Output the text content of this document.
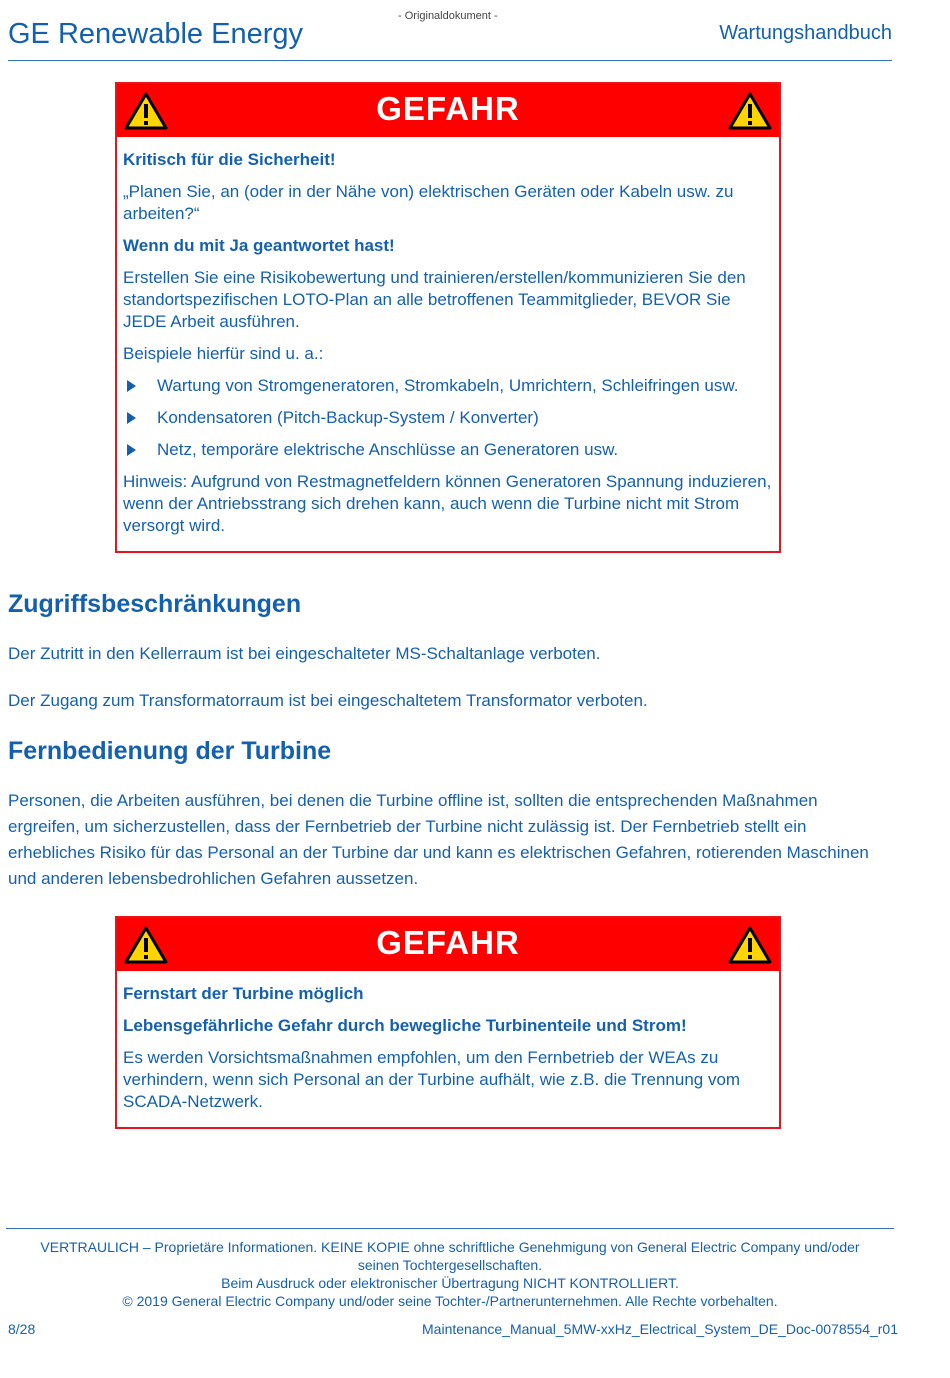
GE Renewable Energy
- Originaldokument -
Wartungshandbuch
GEFAHR

Kritisch für die Sicherheit!

„Planen Sie, an (oder in der Nähe von) elektrischen Geräten oder Kabeln usw. zu arbeiten?“

Wenn du mit Ja geantwortet hast!

Erstellen Sie eine Risikobewertung und trainieren/erstellen/kommunizieren Sie den standortspezifischen LOTO-Plan an alle betroffenen Teammitglieder, BEVOR Sie JEDE Arbeit ausführen.

Beispiele hierfür sind u. a.:

Wartung von Stromgeneratoren, Stromkabeln, Umrichtern, Schleifringen usw.
Kondensatoren (Pitch-Backup-System / Konverter)
Netz, temporäre elektrische Anschlüsse an Generatoren usw.

Hinweis: Aufgrund von Restmagnetfeldern können Generatoren Spannung induzieren, wenn der Antriebsstrang sich drehen kann, auch wenn die Turbine nicht mit Strom versorgt wird.

Zugriffsbeschränkungen

Der Zutritt in den Kellerraum ist bei eingeschalteter MS-Schaltanlage verboten.

Der Zugang zum Transformatorraum ist bei eingeschaltetem Transformator verboten.

Fernbedienung der Turbine

Personen, die Arbeiten ausführen, bei denen die Turbine offline ist, sollten die entsprechenden Maßnahmen ergreifen, um sicherzustellen, dass der Fernbetrieb der Turbine nicht zulässig ist. Der Fernbetrieb stellt ein erhebliches Risiko für das Personal an der Turbine dar und kann es elektrischen Gefahren, rotierenden Maschinen und anderen lebensbedrohlichen Gefahren aussetzen.

GEFAHR

Fernstart der Turbine möglich

Lebensgefährliche Gefahr durch bewegliche Turbinenteile und Strom!

Es werden Vorsichtsmaßnahmen empfohlen, um den Fernbetrieb der WEAs zu verhindern, wenn sich Personal an der Turbine aufhält, wie z.B. die Trennung vom SCADA-Netzwerk.

VERTRAULICH – Proprietäre Informationen. KEINE KOPIE ohne schriftliche Genehmigung von General Electric Company und/oder seinen Tochtergesellschaften.
Beim Ausdruck oder elektronischer Übertragung NICHT KONTROLLIERT.
© 2019 General Electric Company und/oder seine Tochter-/Partnerunternehmen. Alle Rechte vorbehalten.
8/28	Maintenance_Manual_5MW-xxHz_Electrical_System_DE_Doc-0078554_r01
